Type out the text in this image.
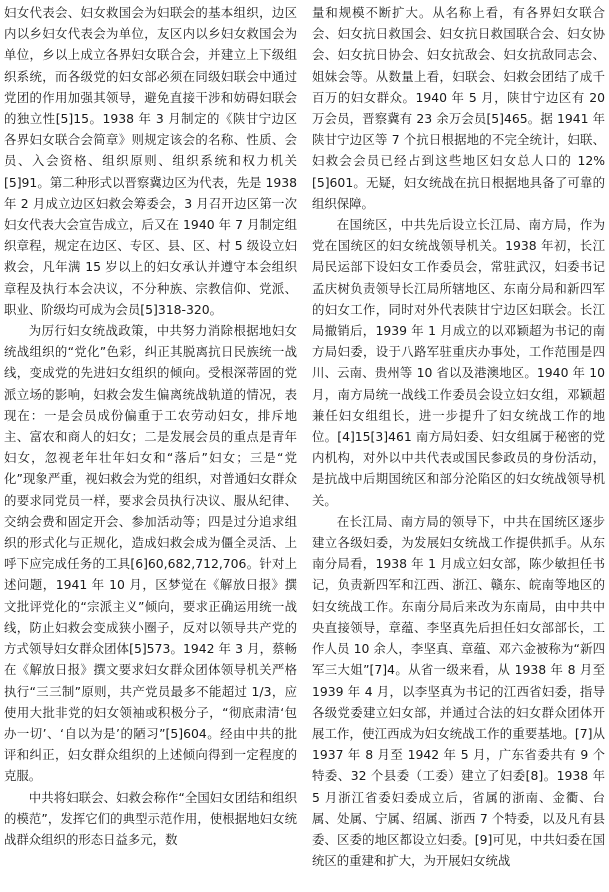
妇女代表会、妇女救国会为妇联会的基本组织，边区内以乡妇女代表会为单位，友区内以乡妇女救国会为单位，乡以上成立各界妇女联合会，并建立上下级组织系统，而各级党的妇女部必须在同级妇联会中通过党团的作用加强其领导，避免直接干涉和妨碍妇联会的独立性[5]15。1938 年 3 月制定的《陕甘宁边区各界妇女联合会简章》则规定该会的名称、性质、会员、入会资格、组织原则、组织系统和权力机关[5]91。第二种形式以晋察冀边区为代表，先是 1938 年 2 月成立边区妇救会筹委会，3 月召开边区第一次妇女代表大会宣告成立，后又在 1940 年 7 月制定组织章程，规定在边区、专区、县、区、村 5 级设立妇救会，凡年满 15 岁以上的妇女承认并遵守本会组织章程及执行本会决议，不分种族、宗教信仰、党派、职业、阶级均可成为会员[5]318-320。

为厉行妇女统战政策，中共努力消除根据地妇女统战组织的“党化”色彩，纠正其脱离抗日民族统一战线，变成党的先进妇女组织的倾向。受根深蒂固的党派立场的影响，妇救会发生偏离统战轨道的情况，表现在：一是会员成份偏重于工农劳动妇女，排斥地主、富农和商人的妇女；二是发展会员的重点是青年妇女，忽视老年壮年妇女和“落后”妇女；三是“党化”现象严重，视妇救会为党的组织，对普通妇女群众的要求同党员一样，要求会员执行决议、服从纪律、交纳会费和固定开会、参加活动等；四是过分追求组织的形式化与正规化，造成妇救会成为僵全灵活、上呼下应完成任务的工具[6]60,682,712,706。针对上述问题，1941 年 10 月，区梦觉在《解放日报》撰文批评党化的“宗派主义”倾向，要求正确运用统一战线，防止妇救会变成狭小圈子，反对以领导共产党的方式领导妇女群众团体[5]573。1942 年 3 月，蔡畅在《解放日报》撰文要求妇女群众团体领导机关严格执行“三三制”原则，共产党员最多不能超过 1/3，应使用大批非党的妇女领袖或积极分子，“彻底肃清‘包办一切’、‘自以为是’的陋习”[5]604。经由中共的批评和纠正，妇女群众组织的上述倾向得到一定程度的克服。

中共将妇联会、妇救会称作“全国妇女团结和组织的模范”，发挥它们的典型示范作用，使根据地妇女统战群众组织的形态日益多元，数

量和规模不断扩大。从名称上看，有各界妇女联合会、妇女抗日救国会、妇女抗日救国联合会、妇女协会、妇女抗日协会、妇女抗敌会、妇女抗敌同志会、姐妹会等。从数量上看，妇联会、妇救会团结了成千百万的妇女群众。1940 年 5 月，陕甘宁边区有 20 万会员，晋察冀有 23 余万会员[5]465。据 1941 年陕甘宁边区等 7 个抗日根据地的不完全统计，妇联、妇救会会员已经占到这些地区妇女总人口的 12%[5]601。无疑，妇女统战在抗日根据地具备了可靠的组织保障。

在国统区，中共先后设立长江局、南方局，作为党在国统区的妇女统战领导机关。1938 年初，长江局民运部下设妇女工作委员会，常驻武汉，妇委书记孟庆树负责领导长江局所辖地区、东南分局和新四军的妇女工作，同时对外代表陕甘宁边区妇联会。长江局撤销后，1939 年 1 月成立的以邓颖超为书记的南方局妇委，设于八路军驻重庆办事处，工作范围是四川、云南、贵州等 10 省以及港澳地区。1940 年 10 月，南方局统一战线工作委员会设立妇女组，邓颖超兼任妇女组组长，进一步提升了妇女统战工作的地位。[4]15[3]461 南方局妇委、妇女组属于秘密的党内机构，对外以中共代表或国民参政员的身份活动，是抗战中后期国统区和部分沦陷区的妇女统战领导机关。

在长江局、南方局的领导下，中共在国统区逐步建立各级妇委，为发展妇女统战工作提供抓手。从东南分局看，1938 年 1 月成立妇女部，陈少敏担任书记，负责新四军和江西、浙江、赣东、皖南等地区的妇女统战工作。东南分局后来改为东南局，由中共中央直接领导，章蕴、李坚真先后担任妇女部部长，工作人员 10 余人，李坚真、章蕴、邓六金被称为“新四军三大姐”[7]4。从省一级来看，从 1938 年 8 月至 1939 年 4 月，以李坚真为书记的江西省妇委，指导各级党委建立妇女部，并通过合法的妇女群众团体开展工作，使江西成为妇女统战工作的重要基地。[7]从 1937 年 8 月至 1942 年 5 月，广东省委共有 9 个特委、32 个县委（工委）建立了妇委[8]。1938 年 5 月浙江省委妇委成立后，省属的浙南、金衢、台属、处属、宁属、绍属、浙西 7 个特委，以及凡有县委、区委的地区都设立妇委。[9]可见，中共妇委在国统区的重建和扩大，为开展妇女统战
